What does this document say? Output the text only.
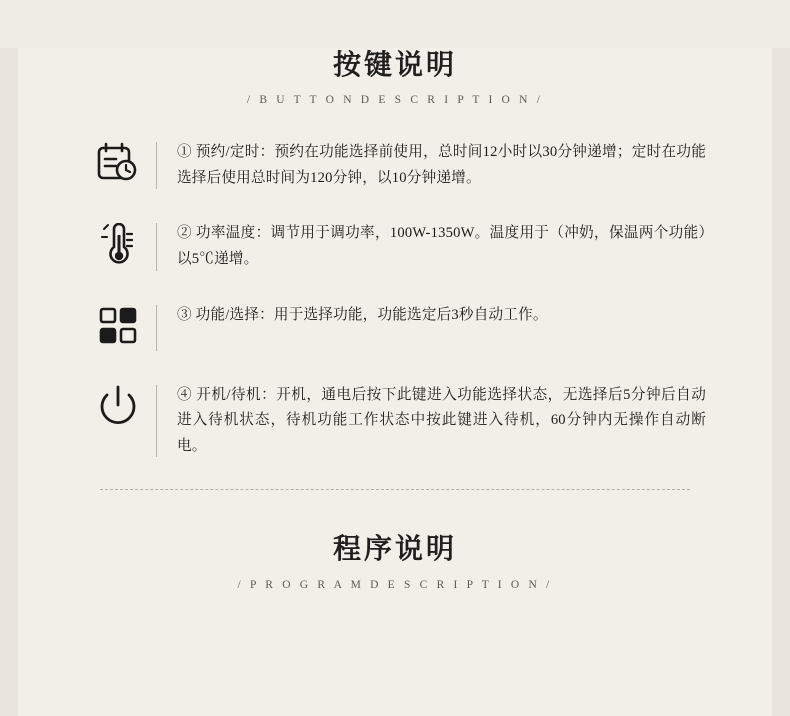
按键说明
/ B U T T O N D E S C R I P T I O N /
① 预约/定时：预约在功能选择前使用，总时间12小时以30分钟递增；定时在功能选择后使用总时间为120分钟，以10分钟递增。
② 功率温度：调节用于调功率，100W-1350W。温度用于（冲奶，保温两个功能）以5℃递增。
③ 功能/选择：用于选择功能，功能选定后3秒自动工作。
④ 开机/待机：开机，通电后按下此键进入功能选择状态，无选择后5分钟后自动进入待机状态，待机功能工作状态中按此键进入待机，60分钟内无操作自动断电。
程序说明
/ P R O G R A M D E S C R I P T I O N /
